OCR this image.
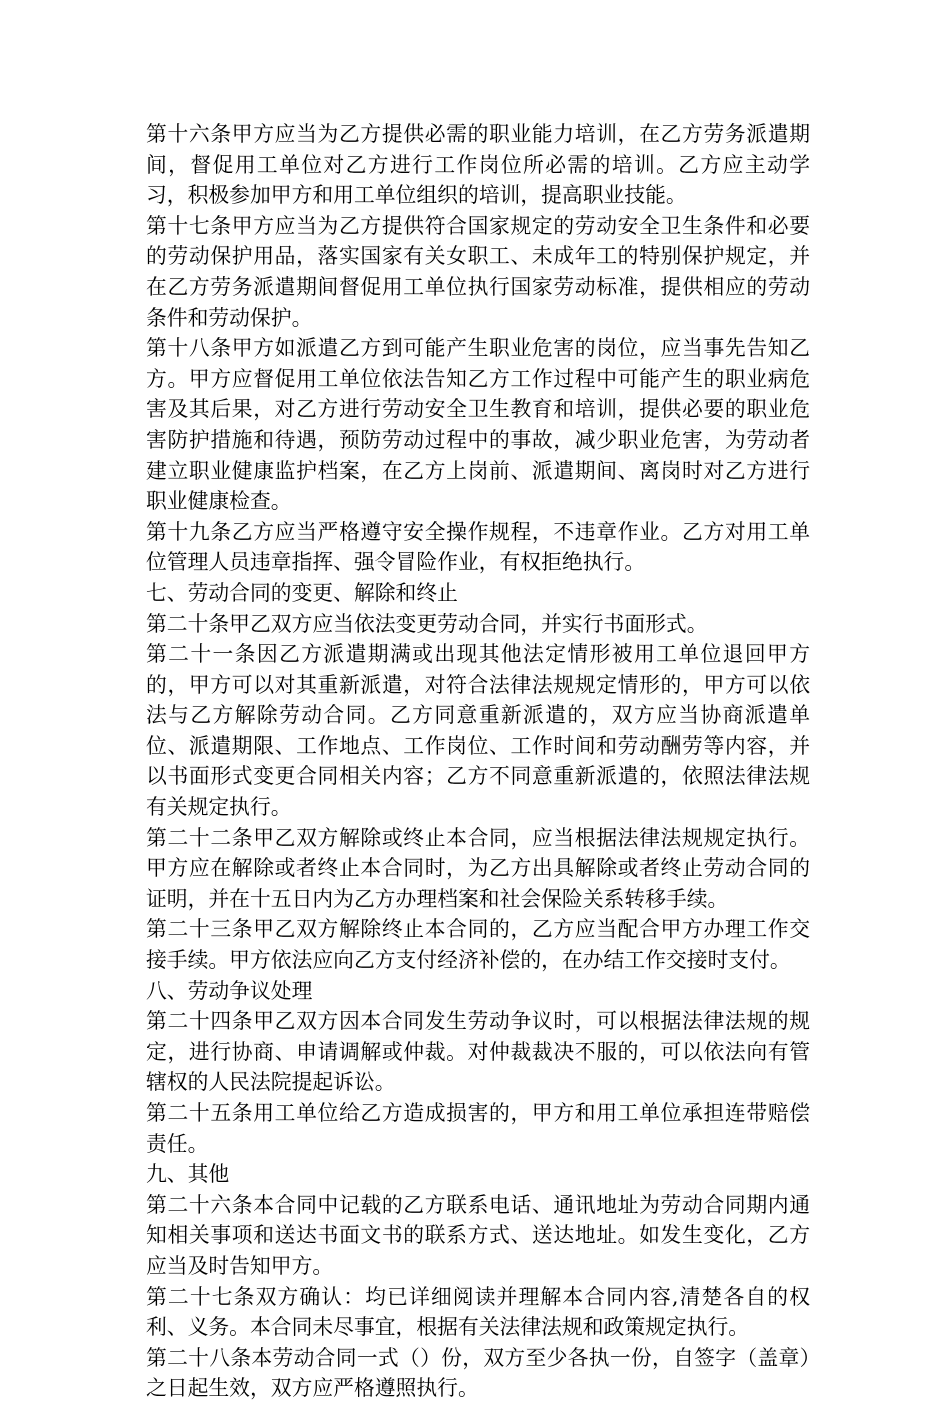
第十六条甲方应当为乙方提供必需的职业能力培训，在乙方劳务派遣期间，督促用工单位对乙方进行工作岗位所必需的培训。乙方应主动学习，积极参加甲方和用工单位组织的培训，提高职业技能。

第十七条甲方应当为乙方提供符合国家规定的劳动安全卫生条件和必要的劳动保护用品，落实国家有关女职工、未成年工的特别保护规定，并在乙方劳务派遣期间督促用工单位执行国家劳动标准，提供相应的劳动条件和劳动保护。

第十八条甲方如派遣乙方到可能产生职业危害的岗位，应当事先告知乙方。甲方应督促用工单位依法告知乙方工作过程中可能产生的职业病危害及其后果，对乙方进行劳动安全卫生教育和培训，提供必要的职业危害防护措施和待遇，预防劳动过程中的事故，减少职业危害，为劳动者建立职业健康监护档案，在乙方上岗前、派遣期间、离岗时对乙方进行职业健康检查。

第十九条乙方应当严格遵守安全操作规程，不违章作业。乙方对用工单位管理人员违章指挥、强令冒险作业，有权拒绝执行。

七、劳动合同的变更、解除和终止

第二十条甲乙双方应当依法变更劳动合同，并实行书面形式。

第二十一条因乙方派遣期满或出现其他法定情形被用工单位退回甲方的，甲方可以对其重新派遣，对符合法律法规规定情形的，甲方可以依法与乙方解除劳动合同。乙方同意重新派遣的，双方应当协商派遣单位、派遣期限、工作地点、工作岗位、工作时间和劳动酬劳等内容，并以书面形式变更合同相关内容；乙方不同意重新派遣的，依照法律法规有关规定执行。

第二十二条甲乙双方解除或终止本合同，应当根据法律法规规定执行。甲方应在解除或者终止本合同时，为乙方出具解除或者终止劳动合同的证明，并在十五日内为乙方办理档案和社会保险关系转移手续。

第二十三条甲乙双方解除终止本合同的，乙方应当配合甲方办理工作交接手续。甲方依法应向乙方支付经济补偿的，在办结工作交接时支付。

八、劳动争议处理

第二十四条甲乙双方因本合同发生劳动争议时，可以根据法律法规的规定，进行协商、申请调解或仲裁。对仲裁裁决不服的，可以依法向有管辖权的人民法院提起诉讼。

第二十五条用工单位给乙方造成损害的，甲方和用工单位承担连带赔偿责任。

九、其他

第二十六条本合同中记载的乙方联系电话、通讯地址为劳动合同期内通知相关事项和送达书面文书的联系方式、送达地址。如发生变化，乙方应当及时告知甲方。

第二十七条双方确认：均已详细阅读并理解本合同内容,清楚各自的权利、义务。本合同未尽事宜，根据有关法律法规和政策规定执行。

第二十八条本劳动合同一式（）份，双方至少各执一份，自签字（盖章）之日起生效，双方应严格遵照执行。
